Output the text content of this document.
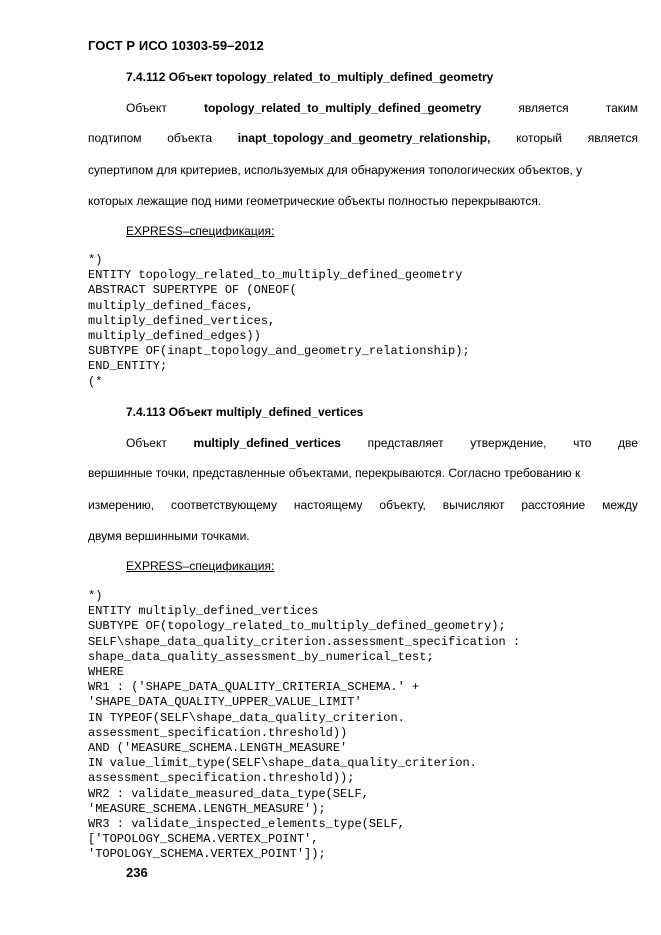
ГОСТ Р ИСО 10303-59–2012
7.4.112 Объект topology_related_to_multiply_defined_geometry
Объект	topology_related_to_multiply_defined_geometry	является	таким
подтипом объекта inapt_topology_and_geometry_relationship, который является
супертипом для критериев, используемых для обнаружения топологических объектов, у
которых лежащие под ними геометрические объекты полностью перекрываются.
EXPRESS–спецификация:
*)
ENTITY topology_related_to_multiply_defined_geometry
ABSTRACT SUPERTYPE OF (ONEOF(
multiply_defined_faces,
multiply_defined_vertices,
multiply_defined_edges))
SUBTYPE OF(inapt_topology_and_geometry_relationship);
END_ENTITY;
(*
7.4.113 Объект multiply_defined_vertices
Объект multiply_defined_vertices представляет утверждение, что две
вершинные точки, представленные объектами, перекрываются. Согласно требованию к
измерению, соответствующему настоящему объекту, вычисляют расстояние между
двумя вершинными точками.
EXPRESS–спецификация:
*)
ENTITY multiply_defined_vertices
SUBTYPE OF(topology_related_to_multiply_defined_geometry);
SELF\shape_data_quality_criterion.assessment_specification :
shape_data_quality_assessment_by_numerical_test;
WHERE
WR1 : ('SHAPE_DATA_QUALITY_CRITERIA_SCHEMA.' +
'SHAPE_DATA_QUALITY_UPPER_VALUE_LIMIT'
IN TYPEOF(SELF\shape_data_quality_criterion.
assessment_specification.threshold))
AND ('MEASURE_SCHEMA.LENGTH_MEASURE'
IN value_limit_type(SELF\shape_data_quality_criterion.
assessment_specification.threshold));
WR2 : validate_measured_data_type(SELF,
'MEASURE_SCHEMA.LENGTH_MEASURE');
WR3 : validate_inspected_elements_type(SELF,
['TOPOLOGY_SCHEMA.VERTEX_POINT',
'TOPOLOGY_SCHEMA.VERTEX_POINT']);
236
